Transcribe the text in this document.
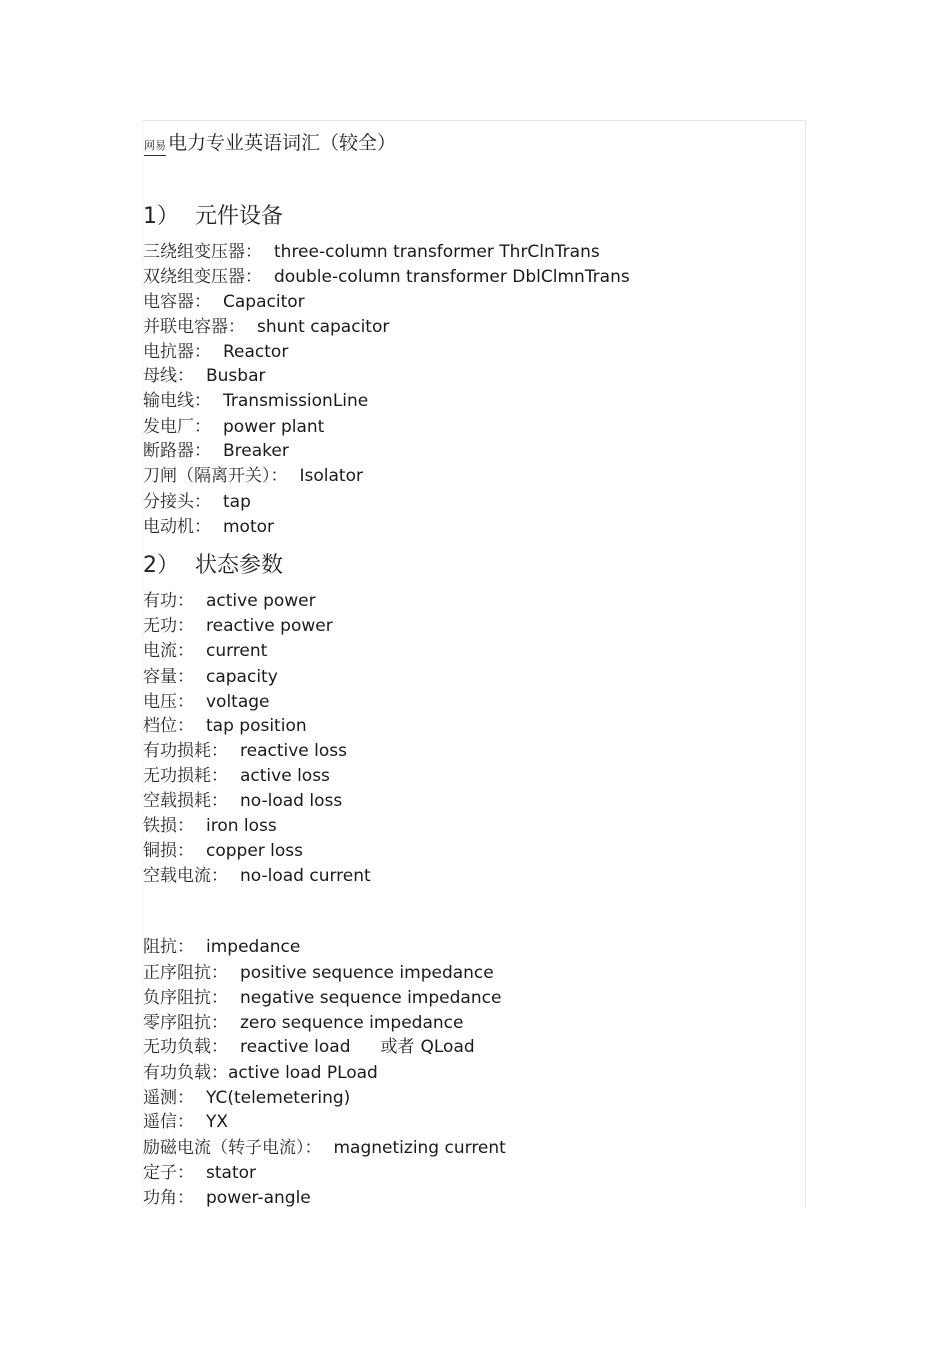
网易 电力专业英语词汇（较全）
1） 元件设备
三绕组变压器： three-column transformer ThrClnTrans
双绕组变压器： double-column transformer DblClmnTrans
电容器： Capacitor
并联电容器： shunt capacitor
电抗器： Reactor
母线： Busbar
输电线： TransmissionLine
发电厂： power plant
断路器： Breaker
刀闸（隔离开关）： Isolator
分接头： tap
电动机： motor
2） 状态参数
有功： active power
无功： reactive power
电流： current
容量： capacity
电压： voltage
档位： tap position
有功损耗： reactive loss
无功损耗： active loss
空载损耗： no-load loss
铁损： iron loss
铜损： copper loss
空载电流： no-load current
阻抗： impedance
正序阻抗： positive sequence impedance
负序阻抗： negative sequence impedance
零序阻抗： zero sequence impedance
无功负载： reactive load 或者 QLoad
有功负载：active load PLoad
遥测： YC(telemetering)
遥信： YX
励磁电流（转子电流）： magnetizing current
定子： stator
功角： power-angle
